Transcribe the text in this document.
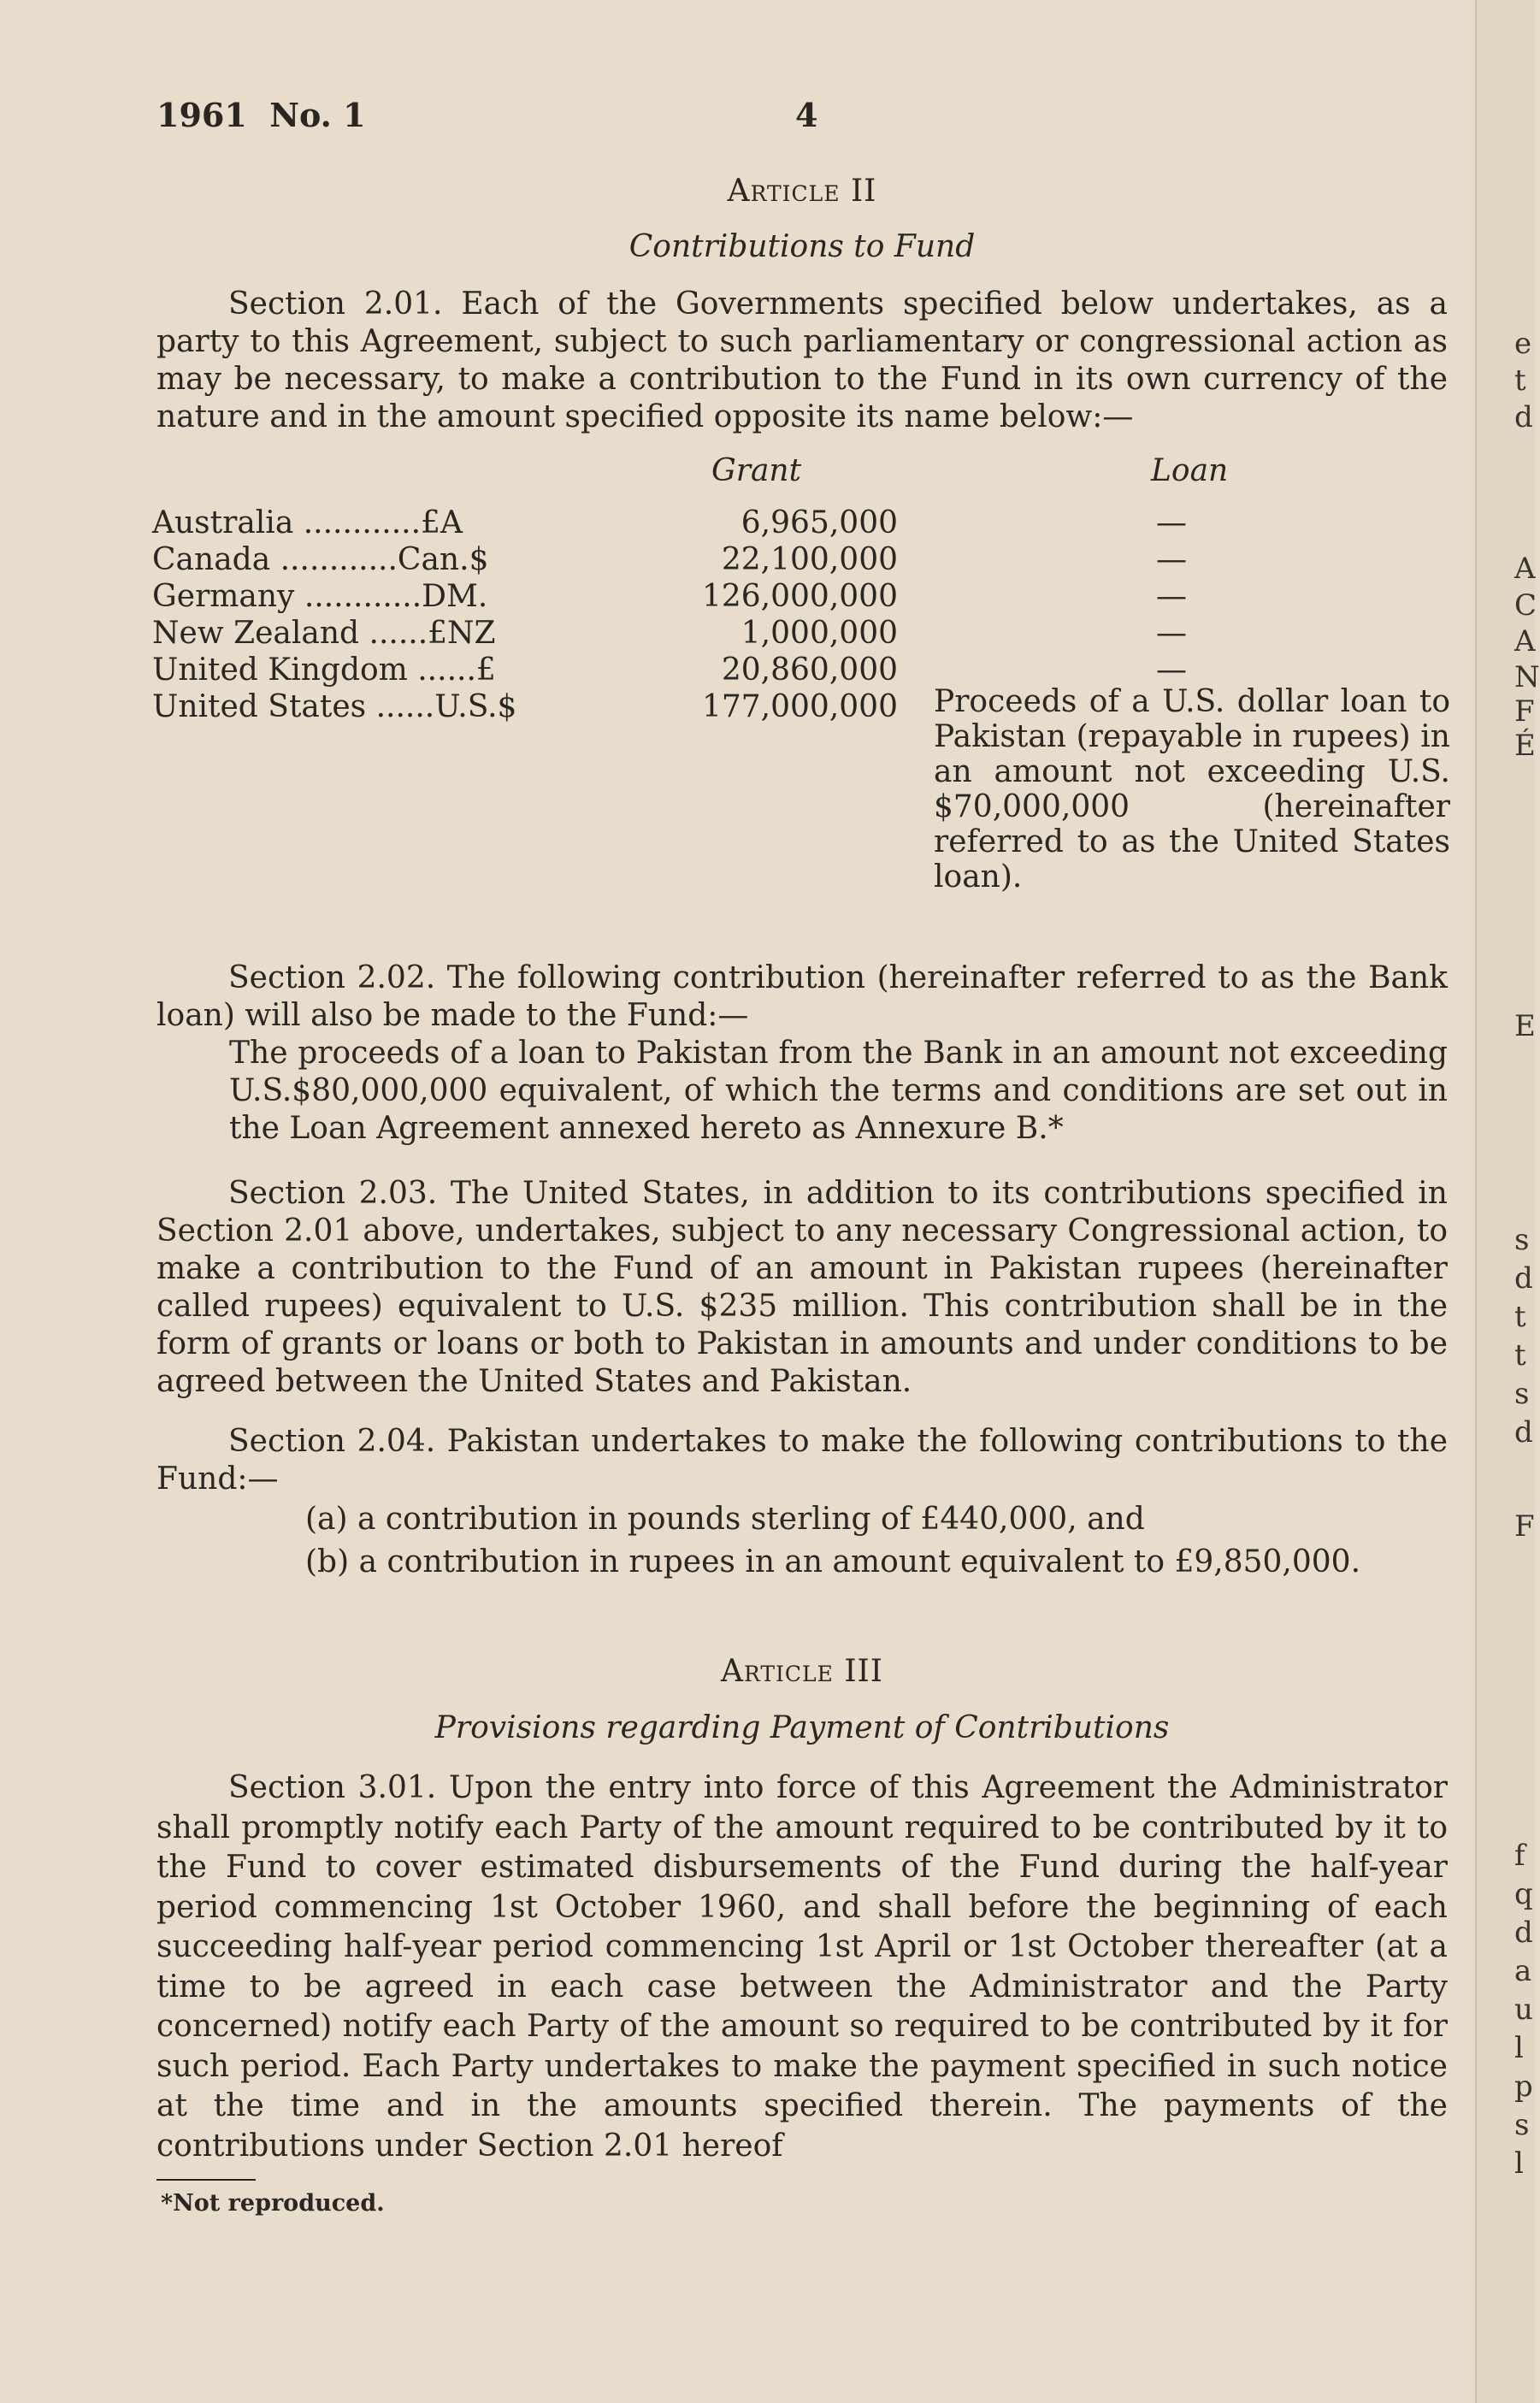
1961  No. 1	4
Article II
Contributions to Fund

Section 2.01. Each of the Governments specified below undertakes, as a party to this Agreement, subject to such parliamentary or congressional action as may be necessary, to make a contribution to the Fund in its own currency of the nature and in the amount specified opposite its name below:—

Grant	Loan
Australia ............£A	6,965,000	—
Canada ............Can.$	22,100,000	—
Germany ............DM.	126,000,000	—
New Zealand ......£NZ	1,000,000	—
United Kingdom ......£	20,860,000	—
United States ......U.S.$	177,000,000 Proceeds of a U.S. dollar loan to Pakistan (repayable in rupees) in an amount not exceeding U.S. $70,000,000 (hereinafter referred to as the United States loan).

Section 2.02. The following contribution (hereinafter referred to as the Bank loan) will also be made to the Fund:—

The proceeds of a loan to Pakistan from the Bank in an amount not exceeding U.S.$80,000,000 equivalent, of which the terms and conditions are set out in the Loan Agreement annexed hereto as Annexure B.*

Section 2.03. The United States, in addition to its contributions specified in Section 2.01 above, undertakes, subject to any necessary Congressional action, to make a contribution to the Fund of an amount in Pakistan rupees (hereinafter called rupees) equivalent to U.S. $235 million. This contribution shall be in the form of grants or loans or both to Pakistan in amounts and under conditions to be agreed between the United States and Pakistan.

Section 2.04. Pakistan undertakes to make the following contributions to the Fund:—

(a) a contribution in pounds sterling of £440,000, and

(b) a contribution in rupees in an amount equivalent to £9,850,000.

Article III
Provisions regarding Payment of Contributions

Section 3.01. Upon the entry into force of this Agreement the Administrator shall promptly notify each Party of the amount required to be contributed by it to the Fund to cover estimated disbursements of the Fund during the half-year period commencing 1st October 1960, and shall before the beginning of each succeeding half-year period commencing 1st April or 1st October thereafter (at a time to be agreed in each case between the Administrator and the Party concerned) notify each Party of the amount so required to be contributed by it for such period. Each Party undertakes to make the payment specified in such notice at the time and in the amounts specified therein. The payments of the contributions under Section 2.01 hereof

*Not reproduced.
e
t
d
A
C
A
N
F
É
E
s
d
t
t
s
d
F
f
q
d
a
u
l
p
s
l
